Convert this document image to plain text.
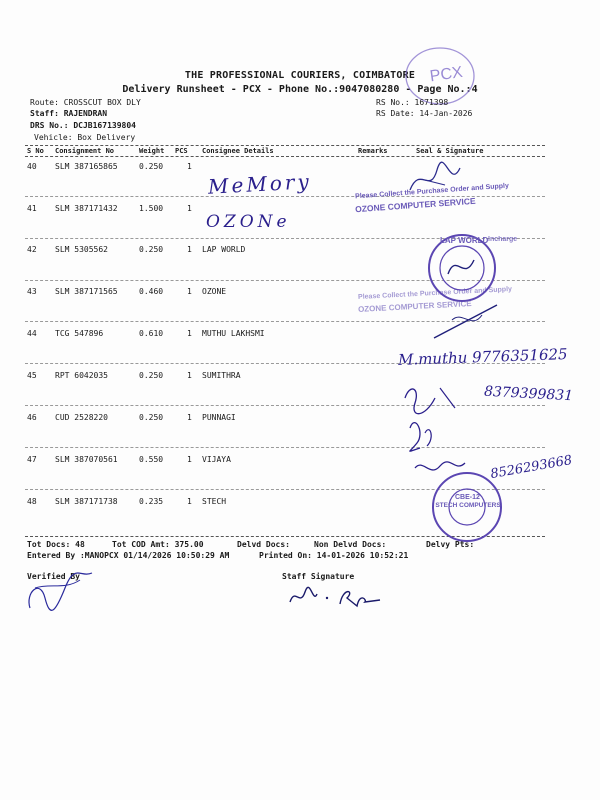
THE PROFESSIONAL COURIERS, COIMBATORE
Delivery Runsheet - PCX - Phone No.:9047080280 - Page No.:4
PCX
Route: CROSSCUT BOX DLY
Staff: RAJENDRAN
DRS No.: DCJB167139804
Vehicle: Box Delivery
RS No.: 1671398
RS Date: 14-Jan-2026
S No Consignment No	Weight PCS Consignee Details	Remarks	Seal & Signature
40 SLM 387165865	0.250	1
41 SLM 387171432	1.500	1
42 SLM 5305562	0.250	1 LAP WORLD
43 SLM 387171565	0.460	1 OZONE
44 TCG 547896	0.610	1 MUTHU LAKHSMI
45 RPT 6042035	0.250	1 SUMITHRA
46 CUD 2528220	0.250	1 PUNNAGI
47 SLM 387070561	0.550	1 VIJAYA
48 SLM 387171738	0.235	1 STECH
MeMory
OZONe
M.muthu 9776351625
8379399831
8526293668
Please Collect the Purchase Order and Supply
OZONE COMPUTER SERVICE
Please Collect the Purchase Order and Supply
OZONE COMPUTER SERVICE
LAP WORLD Incharge
STECH COMPUTERS
CBE-12
Tot Docs: 48	Tot COD Amt: 375.00	Delvd Docs:	Non Delvd Docs:	Delvy Pts:
Entered By :MANOPCX 01/14/2026 10:50:29 AM	Printed On: 14-01-2026 10:52:21
Verified By	Staff Signature
